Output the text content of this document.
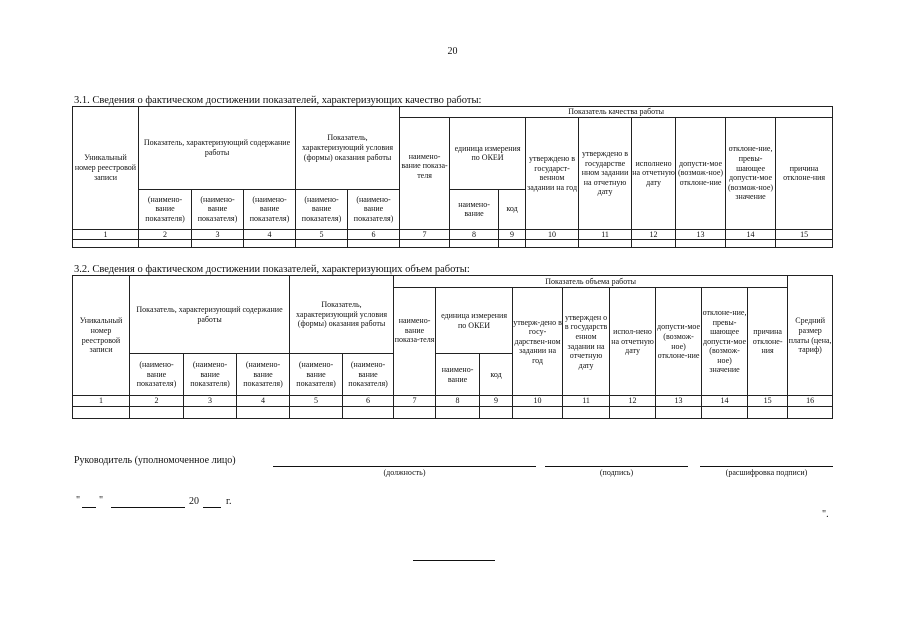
20
3.1. Сведения о фактическом достижении показателей, характеризующих качество работы:
Уникальный номер реестровой записи	Показатель, характеризующий содержание работы			Показатель, характеризующий условия (формы) оказания работы		Показатель качества работы								
						наимено-вание показа-теля	единица измерения по ОКЕИ		утверждено в государст-венном задании на год	утверждено в государстве нном задании на отчетную дату	исполнено на отчетную дату	допусти-мое (возмож-ное) отклоне-ние	отклоне-ние, превы-шающее допусти-мое (возмож-ное) значение	причина отклоне-ния
	(наимено-вание показателя)	(наимено-вание показателя)	(наимено-вание показателя)	(наимено-вание показателя)	(наимено-вание показателя)		наимено-вание	код						
1	2	3	4	5	6	7	8	9	10	11	12	13	14	15

3.2. Сведения о фактическом достижении показателей, характеризующих объем работы:
Уникальный номер реестровой записи	Показатель, характеризующий содержание работы			Показатель, характеризующий условия (формы) оказания работы		Показатель объема работы									Средний размер платы (цена, тариф)
						наимено-вание показа-теля	единица измерения по ОКЕИ		утверж-дено в госу-дарствен-ном задании на год	утвержден о в государств енном задании на отчетную дату	испол-нено на отчетную дату	допусти-мое (возмож-ное) отклоне-ние	отклоне-ние, превы-шающее допусти-мое (возмож-ное) значение	причина отклоне-ния	
	(наимено-вание показателя)	(наимено-вание показателя)	(наимено-вание показателя)	(наимено-вание показателя)	(наимено-вание показателя)		наимено-вание	код							
1	2	3	4	5	6	7	8	9	10	11	12	13	14	15	16

Руководитель (уполномоченное лицо)
(должность)	(подпись)	(расшифровка подписи)
" "	20	г.
".
